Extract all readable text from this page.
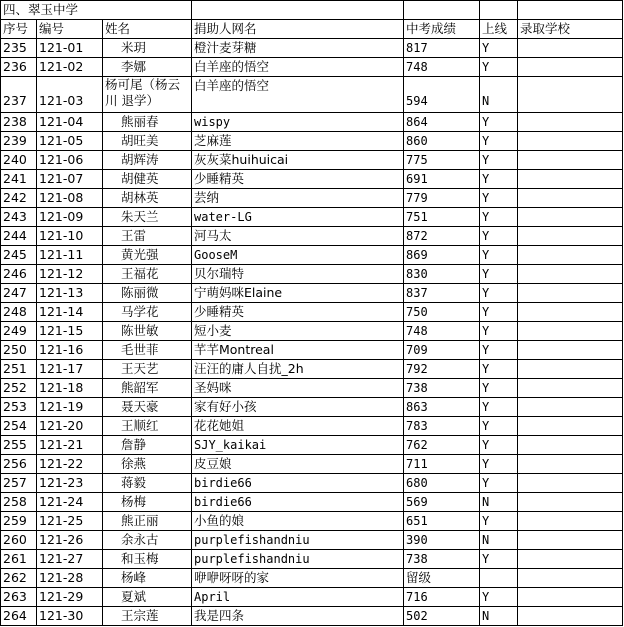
四、翠玉中学						
序号	编号	姓名	捐助人网名	中考成绩	上线	录取学校
235	121-01	米玥	橙汁麦芽糖	817	Y	
236	121-02	李娜	白羊座的悟空	748	Y	
237	121-03	杨可尾（杨云川 退学）	白羊座的悟空	594	N	
238	121-04	熊丽春	wispy	864	Y	
239	121-05	胡旺美	芝麻莲	860	Y	
240	121-06	胡辉涛	灰灰菜huihuicai	775	Y	
241	121-07	胡健英	少睡精英	691	Y	
242	121-08	胡林英	芸纳	779	Y	
243	121-09	朱天兰	water-LG	751	Y	
244	121-10	王雷	河马太	872	Y	
245	121-11	黄光强	GooseM	869	Y	
246	121-12	王福花	贝尔瑞特	830	Y	
247	121-13	陈丽微	宁萌妈咪Elaine	837	Y	
248	121-14	马学花	少睡精英	750	Y	
249	121-15	陈世敏	短小麦	748	Y	
250	121-16	毛世菲	芊芊Montreal	709	Y	
251	121-17	王天艺	汪汪的庸人自扰_2h	792	Y	
252	121-18	熊韶军	圣妈咪	738	Y	
253	121-19	聂天豪	家有好小孩	863	Y	
254	121-20	王顺红	花花她姐	783	Y	
255	121-21	詹静	SJY_kaikai	762	Y	
256	121-22	徐燕	皮豆娘	711	Y	
257	121-23	蒋毅	birdie66	680	Y	
258	121-24	杨梅	birdie66	569	N	
259	121-25	熊正丽	小鱼的娘	651	Y	
260	121-26	余永古	purplefishandniu	390	N	
261	121-27	和玉梅	purplefishandniu	738	Y	
262	121-28	杨峰	咿咿呀呀的家	留级		
263	121-29	夏斌	April	716	Y	
264	121-30	王宗莲	我是四条	502	N	
